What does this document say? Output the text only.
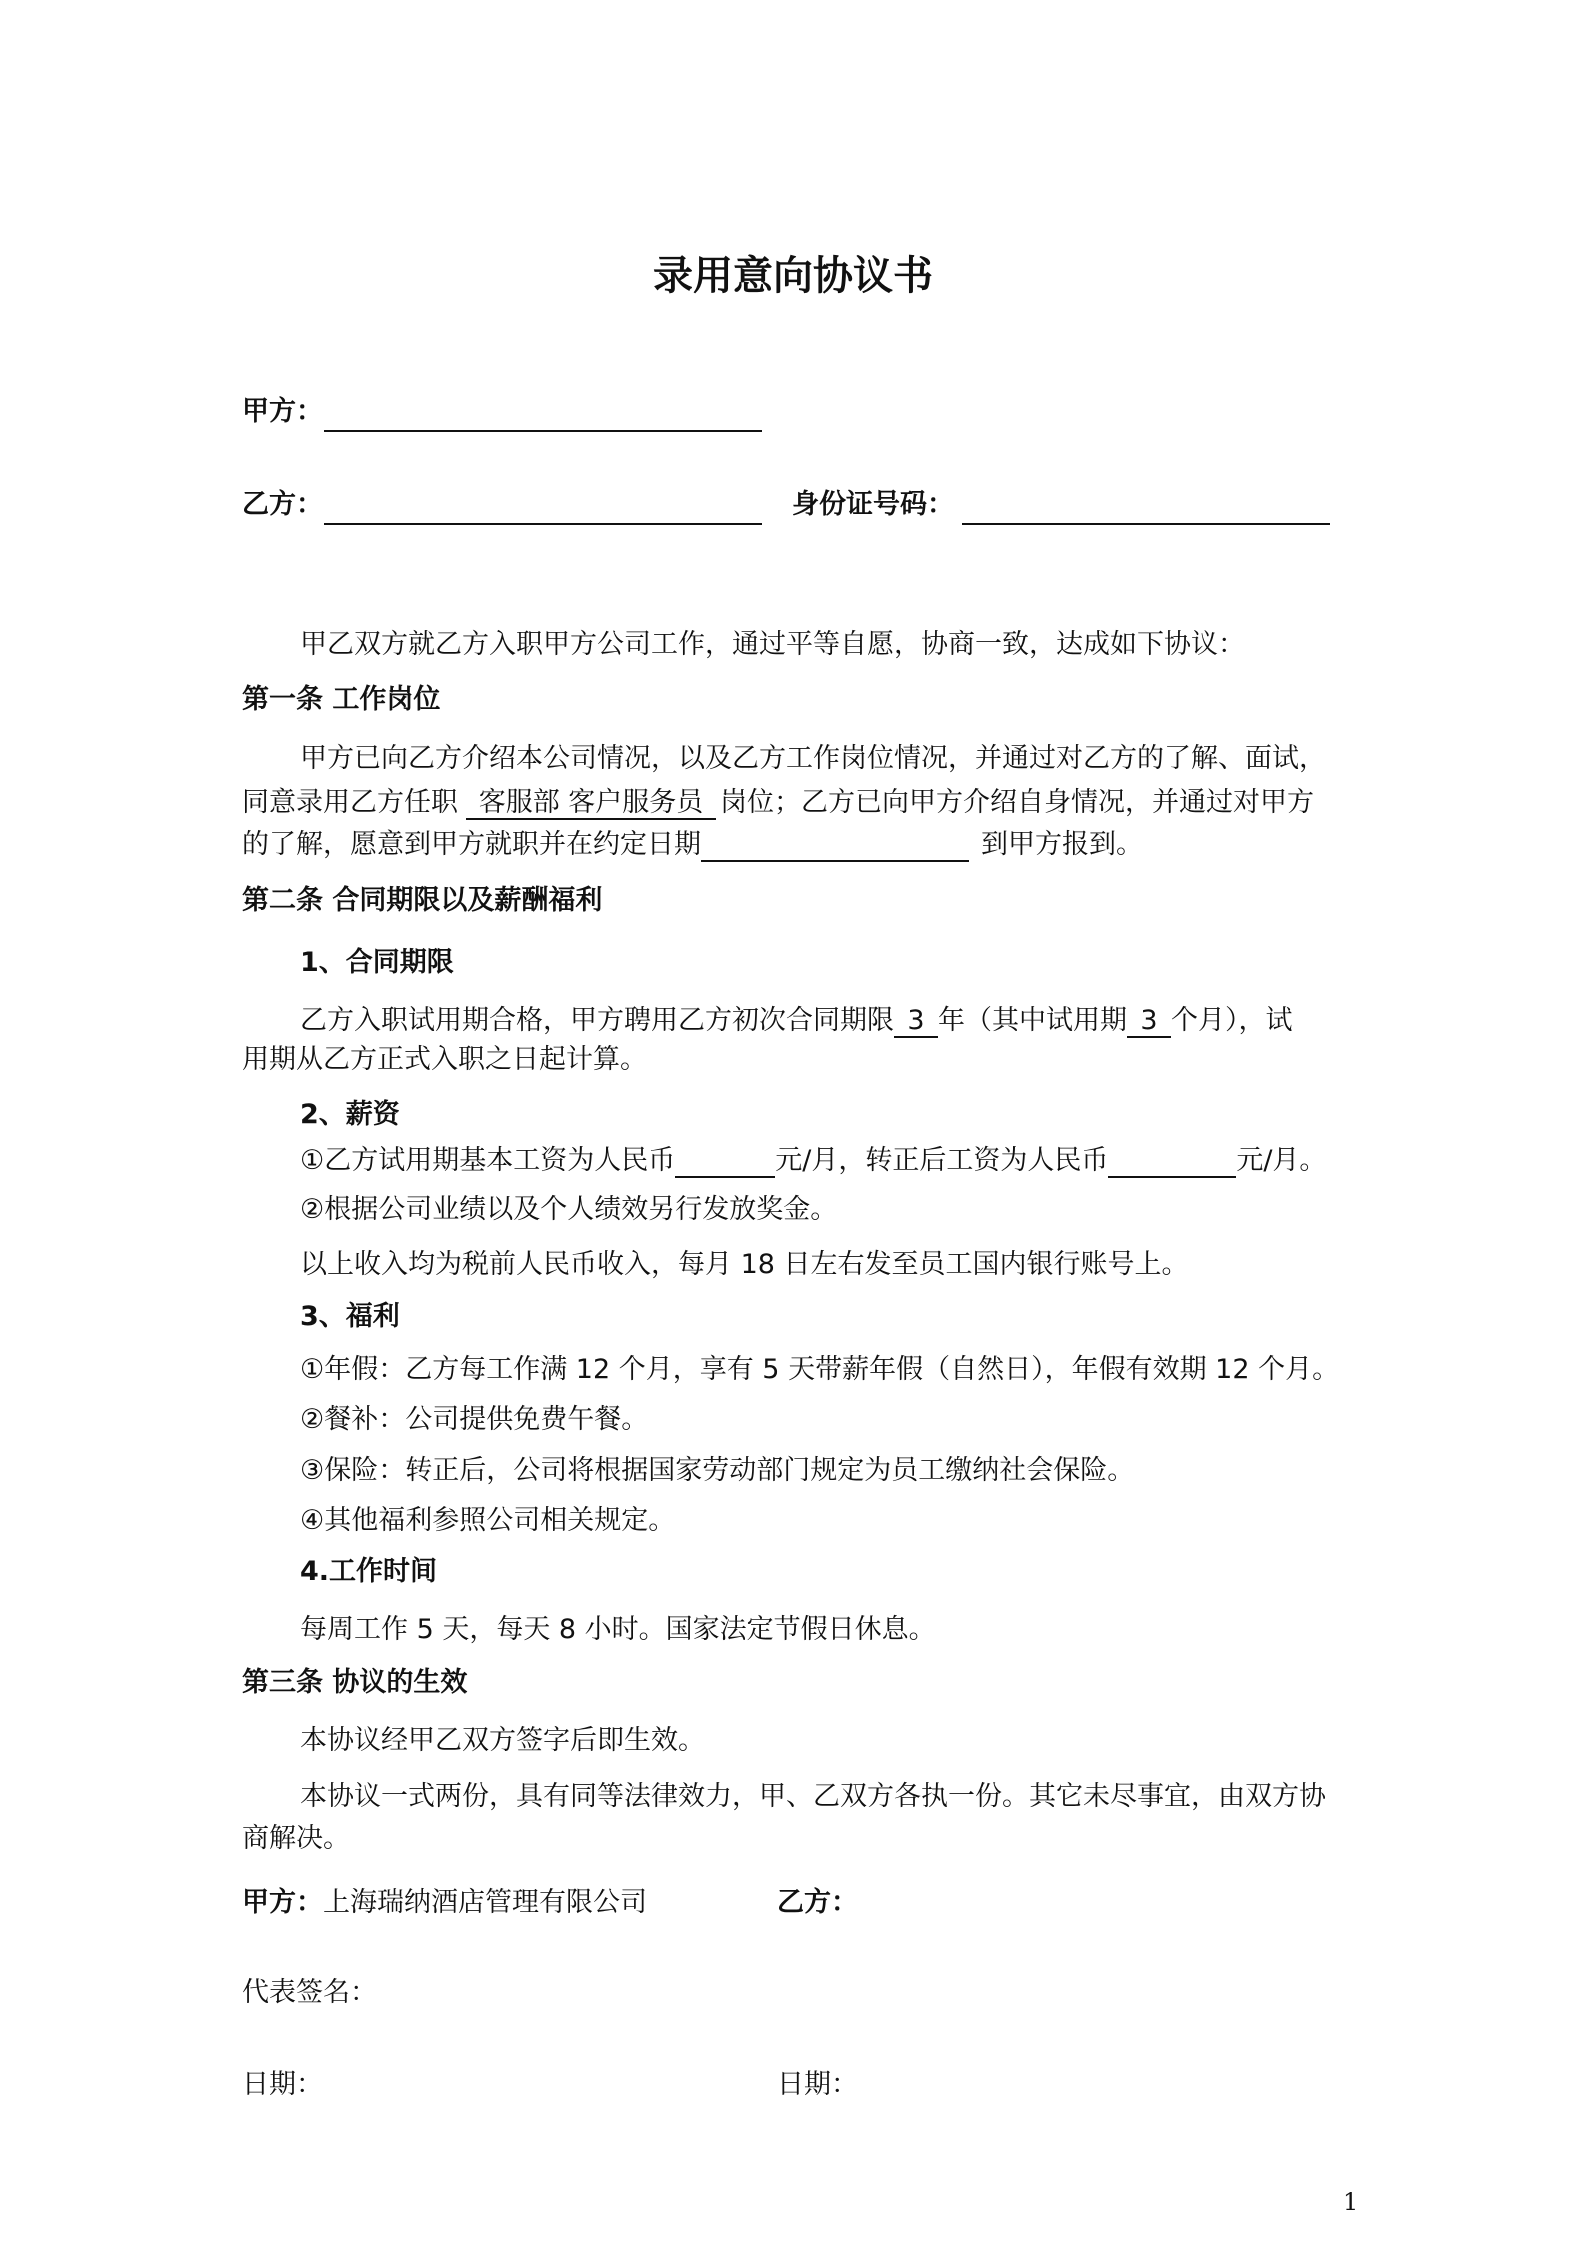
录用意向协议书
甲方：
乙方：	身份证号码：
甲乙双方就乙方入职甲方公司工作，通过平等自愿，协商一致，达成如下协议：
第一条 工作岗位
甲方已向乙方介绍本公司情况，以及乙方工作岗位情况，并通过对乙方的了解、面试，
同意录用乙方任职 客服部 客户服务员 岗位；乙方已向甲方介绍自身情况，并通过对甲方
的了解，愿意到甲方就职并在约定日期	到甲方报到。
第二条 合同期限以及薪酬福利
1、合同期限
乙方入职试用期合格，甲方聘用乙方初次合同期限 3 年（其中试用期 3 个月），试
用期从乙方正式入职之日起计算。
2、薪资
①乙方试用期基本工资为人民币	元/月，转正后工资为人民币	元/月。
②根据公司业绩以及个人绩效另行发放奖金。
以上收入均为税前人民币收入，每月 18 日左右发至员工国内银行账号上。
3、福利
①年假：乙方每工作满 12 个月，享有 5 天带薪年假（自然日），年假有效期 12 个月。
②餐补：公司提供免费午餐。
③保险：转正后，公司将根据国家劳动部门规定为员工缴纳社会保险。
④其他福利参照公司相关规定。
4.工作时间
每周工作 5 天，每天 8 小时。国家法定节假日休息。
第三条 协议的生效
本协议经甲乙双方签字后即生效。
本协议一式两份，具有同等法律效力，甲、乙双方各执一份。其它未尽事宜，由双方协
商解决。
甲方：上海瑞纳酒店管理有限公司	乙方：
代表签名：
日期：	日期：
1
